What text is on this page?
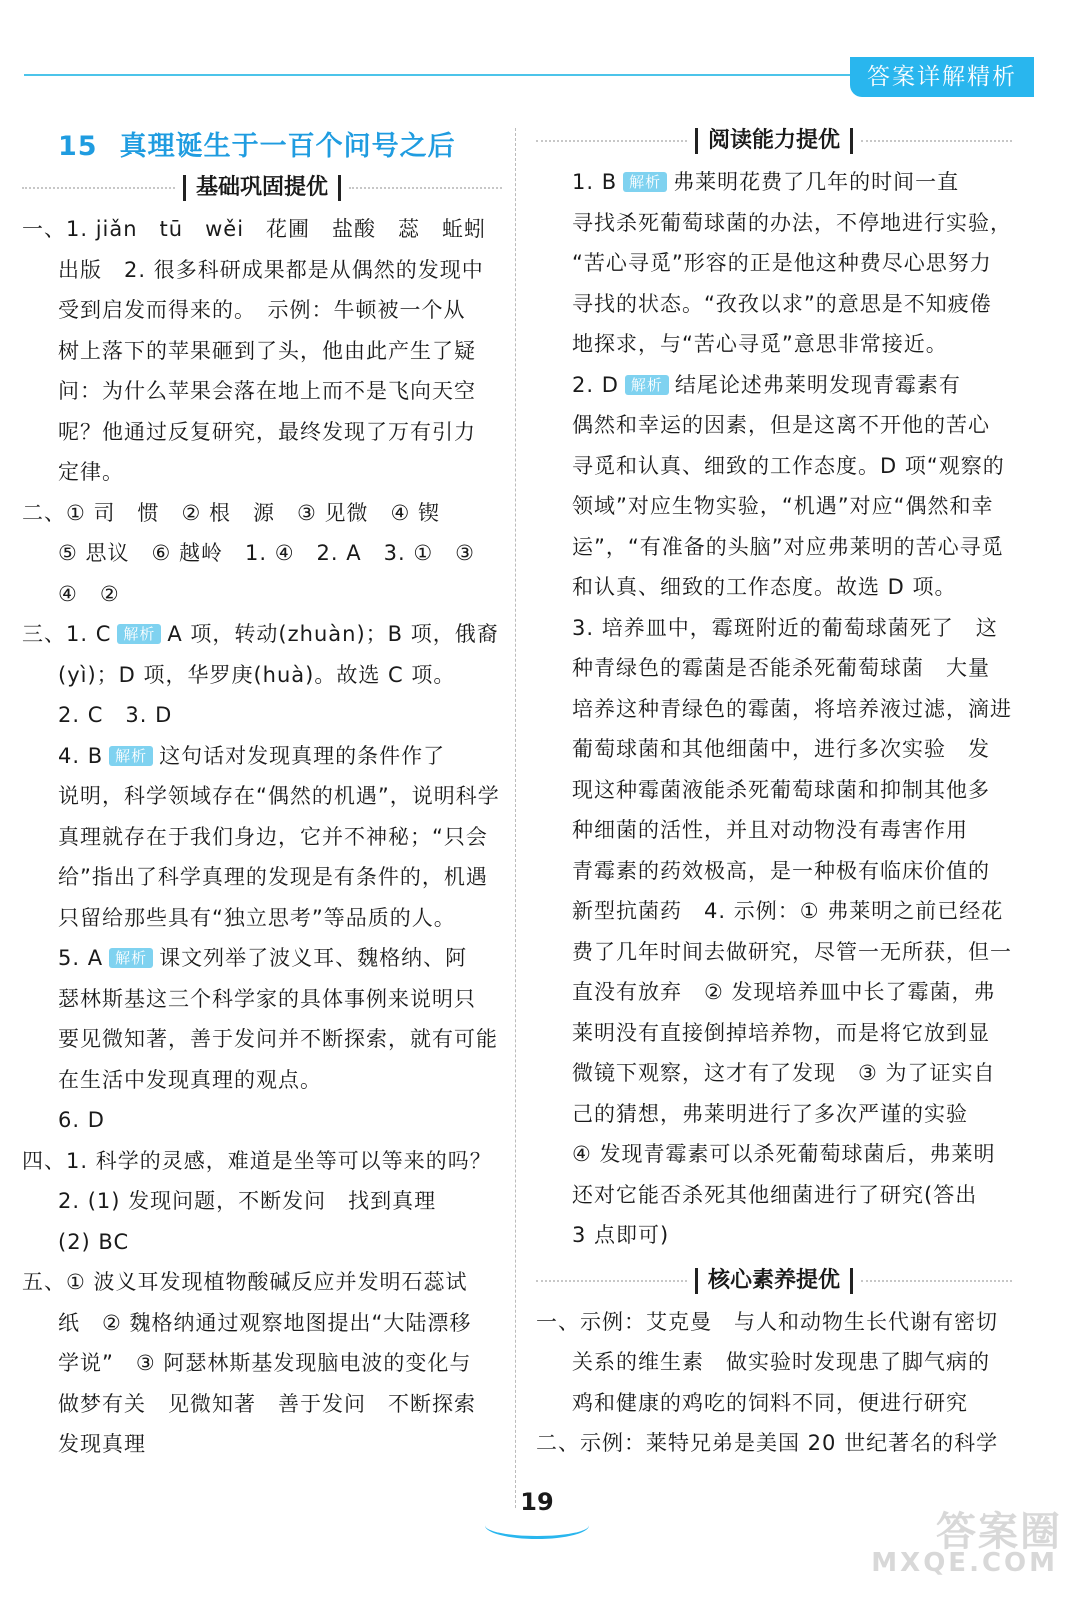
答案详解精析
15 真理诞生于一百个问号之后
基础巩固提优

一、1. jiǎn　tū　wěi　花圃　盐酸　蕊　蚯蚓

出版　2. 很多科研成果都是从偶然的发现中

受到启发而得来的。　示例：牛顿被一个从

树上落下的苹果砸到了头，他由此产生了疑

问：为什么苹果会落在地上而不是飞向天空

呢？他通过反复研究，最终发现了万有引力

定律。

二、① 司　惯　② 根　源　③ 见微　④ 锲

⑤ 思议　⑥ 越岭　1. ④　2. A　3. ①　③

④　②

三、1. C 解析 A 项，转动(zhuàn)；B 项，俄裔

(yì)；D 项，华罗庚(huà)。故选 C 项。

2. C　3. D

4. B 解析 这句话对发现真理的条件作了

说明，科学领域存在“偶然的机遇”，说明科学

真理就存在于我们身边，它并不神秘；“只会

给”指出了科学真理的发现是有条件的，机遇

只留给那些具有“独立思考”等品质的人。

5. A 解析 课文列举了波义耳、魏格纳、阿

瑟林斯基这三个科学家的具体事例来说明只

要见微知著，善于发问并不断探索，就有可能

在生活中发现真理的观点。

6. D

四、1. 科学的灵感，难道是坐等可以等来的吗？

2. (1) 发现问题，不断发问　找到真理

(2) BC

五、① 波义耳发现植物酸碱反应并发明石蕊试

纸　② 魏格纳通过观察地图提出“大陆漂移

学说”　③ 阿瑟林斯基发现脑电波的变化与

做梦有关　见微知著　善于发问　不断探索

发现真理

阅读能力提优

1. B 解析 弗莱明花费了几年的时间一直

寻找杀死葡萄球菌的办法，不停地进行实验，

“苦心寻觅”形容的正是他这种费尽心思努力

寻找的状态。“孜孜以求”的意思是不知疲倦

地探求，与“苦心寻觅”意思非常接近。

2. D 解析 结尾论述弗莱明发现青霉素有

偶然和幸运的因素，但是这离不开他的苦心

寻觅和认真、细致的工作态度。D 项“观察的

领域”对应生物实验，“机遇”对应“偶然和幸

运”，“有准备的头脑”对应弗莱明的苦心寻觅

和认真、细致的工作态度。故选 D 项。

3. 培养皿中，霉斑附近的葡萄球菌死了　这

种青绿色的霉菌是否能杀死葡萄球菌　大量

培养这种青绿色的霉菌，将培养液过滤，滴进

葡萄球菌和其他细菌中，进行多次实验　发

现这种霉菌液能杀死葡萄球菌和抑制其他多

种细菌的活性，并且对动物没有毒害作用

青霉素的药效极高，是一种极有临床价值的

新型抗菌药　4. 示例：① 弗莱明之前已经花

费了几年时间去做研究，尽管一无所获，但一

直没有放弃　② 发现培养皿中长了霉菌，弗

莱明没有直接倒掉培养物，而是将它放到显

微镜下观察，这才有了发现　③ 为了证实自

己的猜想，弗莱明进行了多次严谨的实验

④ 发现青霉素可以杀死葡萄球菌后，弗莱明

还对它能否杀死其他细菌进行了研究(答出

3 点即可)

核心素养提优

一、示例：艾克曼　与人和动物生长代谢有密切

关系的维生素　做实验时发现患了脚气病的

鸡和健康的鸡吃的饲料不同，便进行研究

二、示例：莱特兄弟是美国 20 世纪著名的科学

19
答案圈
MXQE.COM
